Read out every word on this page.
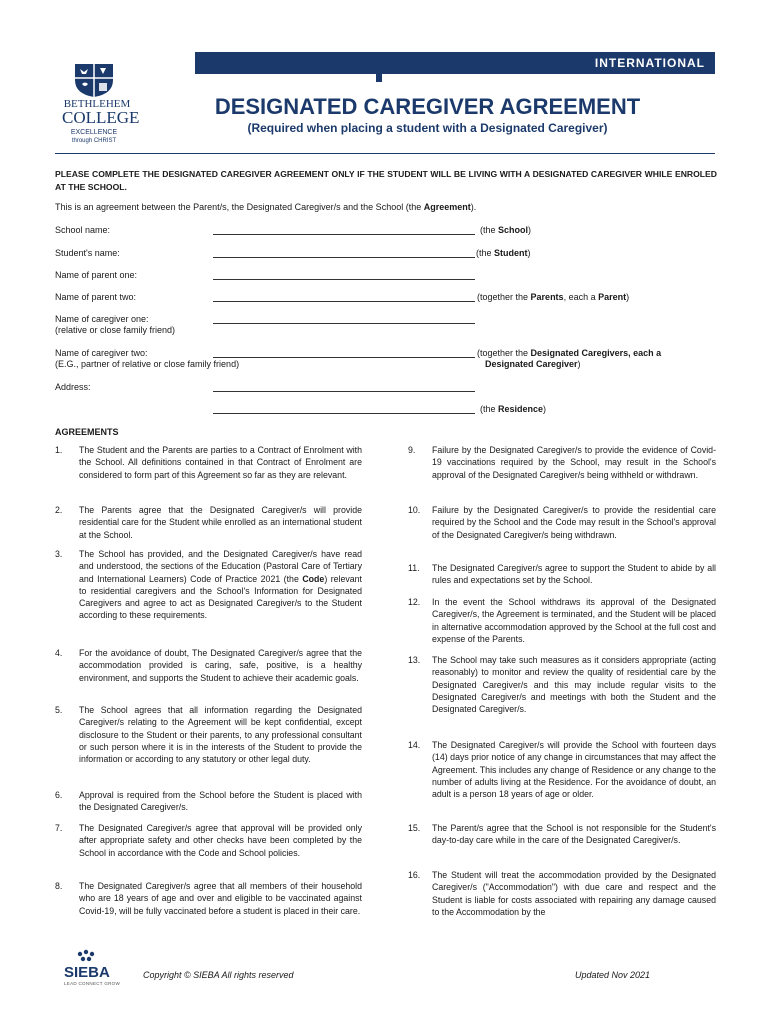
INTERNATIONAL
BETHLEHEM
COLLEGE
EXCELLENCE
through CHRIST
DESIGNATED CAREGIVER AGREEMENT
(Required when placing a student with a Designated Caregiver)
PLEASE COMPLETE THE DESIGNATED CAREGIVER AGREEMENT ONLY IF THE STUDENT WILL BE LIVING WITH A DESIGNATED CAREGIVER WHILE ENROLED AT THE SCHOOL.
This is an agreement between the Parent/s, the Designated Caregiver/s and the School (the Agreement).
School name:	(the School)
Student's name:	(the Student)
Name of parent one:
Name of parent two:	(together the Parents, each a Parent)
Name of caregiver one:
(relative or close family friend)
Name of caregiver two:
(E.G., partner of relative or close family friend)
(together the Designated Caregivers, each a
Designated Caregiver)
Address:
(the Residence)
AGREEMENTS
1. The Student and the Parents are parties to a Contract of Enrolment with the School. All definitions contained in that Contract of Enrolment are considered to form part of this Agreement so far as they are relevant.
2. The Parents agree that the Designated Caregiver/s will provide residential care for the Student while enrolled as an international student at the School.
3. The School has provided, and the Designated Caregiver/s have read and understood, the sections of the Education (Pastoral Care of Tertiary and International Learners) Code of Practice 2021 (the Code) relevant to residential caregivers and the School's Information for Designated Caregivers and agree to act as Designated Caregiver/s to the Student according to these requirements.
4. For the avoidance of doubt, The Designated Caregiver/s agree that the accommodation provided is caring, safe, positive, is a healthy environment, and supports the Student to achieve their academic goals.
5. The School agrees that all information regarding the Designated Caregiver/s relating to the Agreement will be kept confidential, except disclosure to the Student or their parents, to any professional consultant or such person where it is in the interests of the Student to provide the information or according to any statutory or other legal duty.
6. Approval is required from the School before the Student is placed with the Designated Caregiver/s.
7. The Designated Caregiver/s agree that approval will be provided only after appropriate safety and other checks have been completed by the School in accordance with the Code and School policies.
8. The Designated Caregiver/s agree that all members of their household who are 18 years of age and over and eligible to be vaccinated against Covid-19, will be fully vaccinated before a student is placed in their care.
9. Failure by the Designated Caregiver/s to provide the evidence of Covid-19 vaccinations required by the School, may result in the School's approval of the Designated Caregiver/s being withheld or withdrawn.
10. Failure by the Designated Caregiver/s to provide the residential care required by the School and the Code may result in the School's approval of the Designated Caregiver/s being withdrawn.
11. The Designated Caregiver/s agree to support the Student to abide by all rules and expectations set by the School.
12. In the event the School withdraws its approval of the Designated Caregiver/s, the Agreement is terminated, and the Student will be placed in alternative accommodation approved by the School at the full cost and expense of the Parents.
13. The School may take such measures as it considers appropriate (acting reasonably) to monitor and review the quality of residential care by the Designated Caregiver/s and this may include regular visits to the Designated Caregiver/s and meetings with both the Student and the Designated Caregiver/s.
14. The Designated Caregiver/s will provide the School with fourteen days (14) days prior notice of any change in circumstances that may affect the Agreement. This includes any change of Residence or any change to the number of adults living at the Residence. For the avoidance of doubt, an adult is a person 18 years of age or older.
15. The Parent/s agree that the School is not responsible for the Student's day-to-day care while in the care of the Designated Caregiver/s.
16. The Student will treat the accommodation provided by the Designated Caregiver/s ("Accommodation") with due care and respect and the Student is liable for costs associated with repairing any damage caused to the Accommodation by the
SIEBA
LEAD CONNECT GROW
Copyright © SIEBA All rights reserved	Updated Nov 2021
